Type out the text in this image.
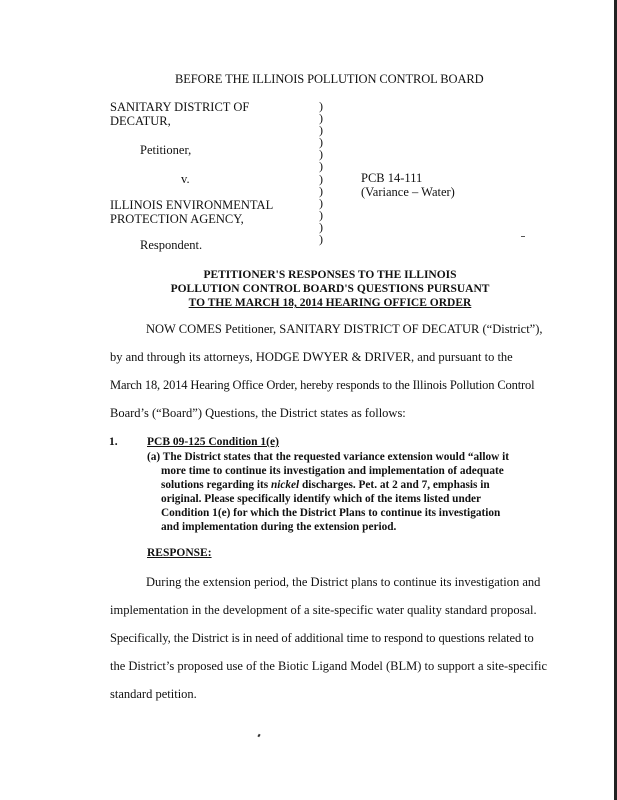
BEFORE THE ILLINOIS POLLUTION CONTROL BOARD
SANITARY DISTRICT OF
DECATUR,
Petitioner,
v.
ILLINOIS ENVIRONMENTAL
PROTECTION AGENCY,
Respondent.
)
)
)
)
)
)
)
)
)
)
)
)
PCB 14-111
(Variance – Water)
PETITIONER'S RESPONSES TO THE ILLINOIS
POLLUTION CONTROL BOARD'S QUESTIONS PURSUANT
TO THE MARCH 18, 2014 HEARING OFFICE ORDER
NOW COMES Petitioner, SANITARY DISTRICT OF DECATUR (“District”),
by and through its attorneys, HODGE DWYER & DRIVER, and pursuant to the
March 18, 2014 Hearing Office Order, hereby responds to the Illinois Pollution Control
Board’s (“Board”) Questions, the District states as follows:
1.	PCB 09-125 Condition 1(e)
(a) The District states that the requested variance extension would “allow it
more time to continue its investigation and implementation of adequate
solutions regarding its nickel discharges. Pet. at 2 and 7, emphasis in
original. Please specifically identify which of the items listed under
Condition 1(e) for which the District Plans to continue its investigation
and implementation during the extension period.
RESPONSE:
During the extension period, the District plans to continue its investigation and
implementation in the development of a site-specific water quality standard proposal.
Specifically, the District is in need of additional time to respond to questions related to
the District’s proposed use of the Biotic Ligand Model (BLM) to support a site-specific
standard petition.
